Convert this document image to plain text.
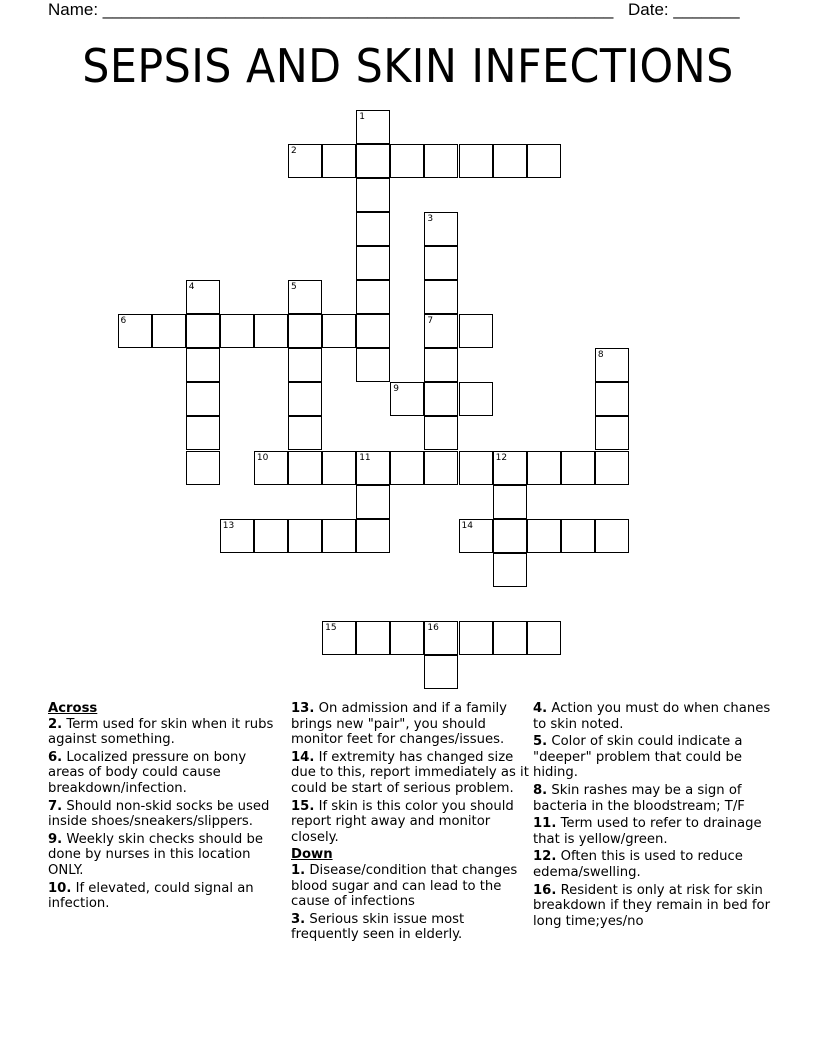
Name: ______________________________________________________ Date: _______
SEPSIS AND SKIN INFECTIONS
1
2
3
4	5
6	7
8
9
10	11	12
13	14
15	16

Across

2. Term used for skin when it rubs against something.

6. Localized pressure on bony areas of body could cause breakdown/infection.

7. Should non-skid socks be used inside shoes/sneakers/slippers.

9. Weekly skin checks should be done by nurses in this location ONLY.

10. If elevated, could signal an infection.

13. On admission and if a family brings new "pair", you should monitor feet for changes/issues.

14. If extremity has changed size due to this, report immediately as it could be start of serious problem.

15. If skin is this color you should report right away and monitor closely.

Down

1. Disease/condition that changes blood sugar and can lead to the cause of infections

3. Serious skin issue most frequently seen in elderly.

4. Action you must do when chanes to skin noted.

5. Color of skin could indicate a "deeper" problem that could be hiding.

8. Skin rashes may be a sign of bacteria in the bloodstream; T/F

11. Term used to refer to drainage that is yellow/green.

12. Often this is used to reduce edema/swelling.

16. Resident is only at risk for skin breakdown if they remain in bed for long time;yes/no
